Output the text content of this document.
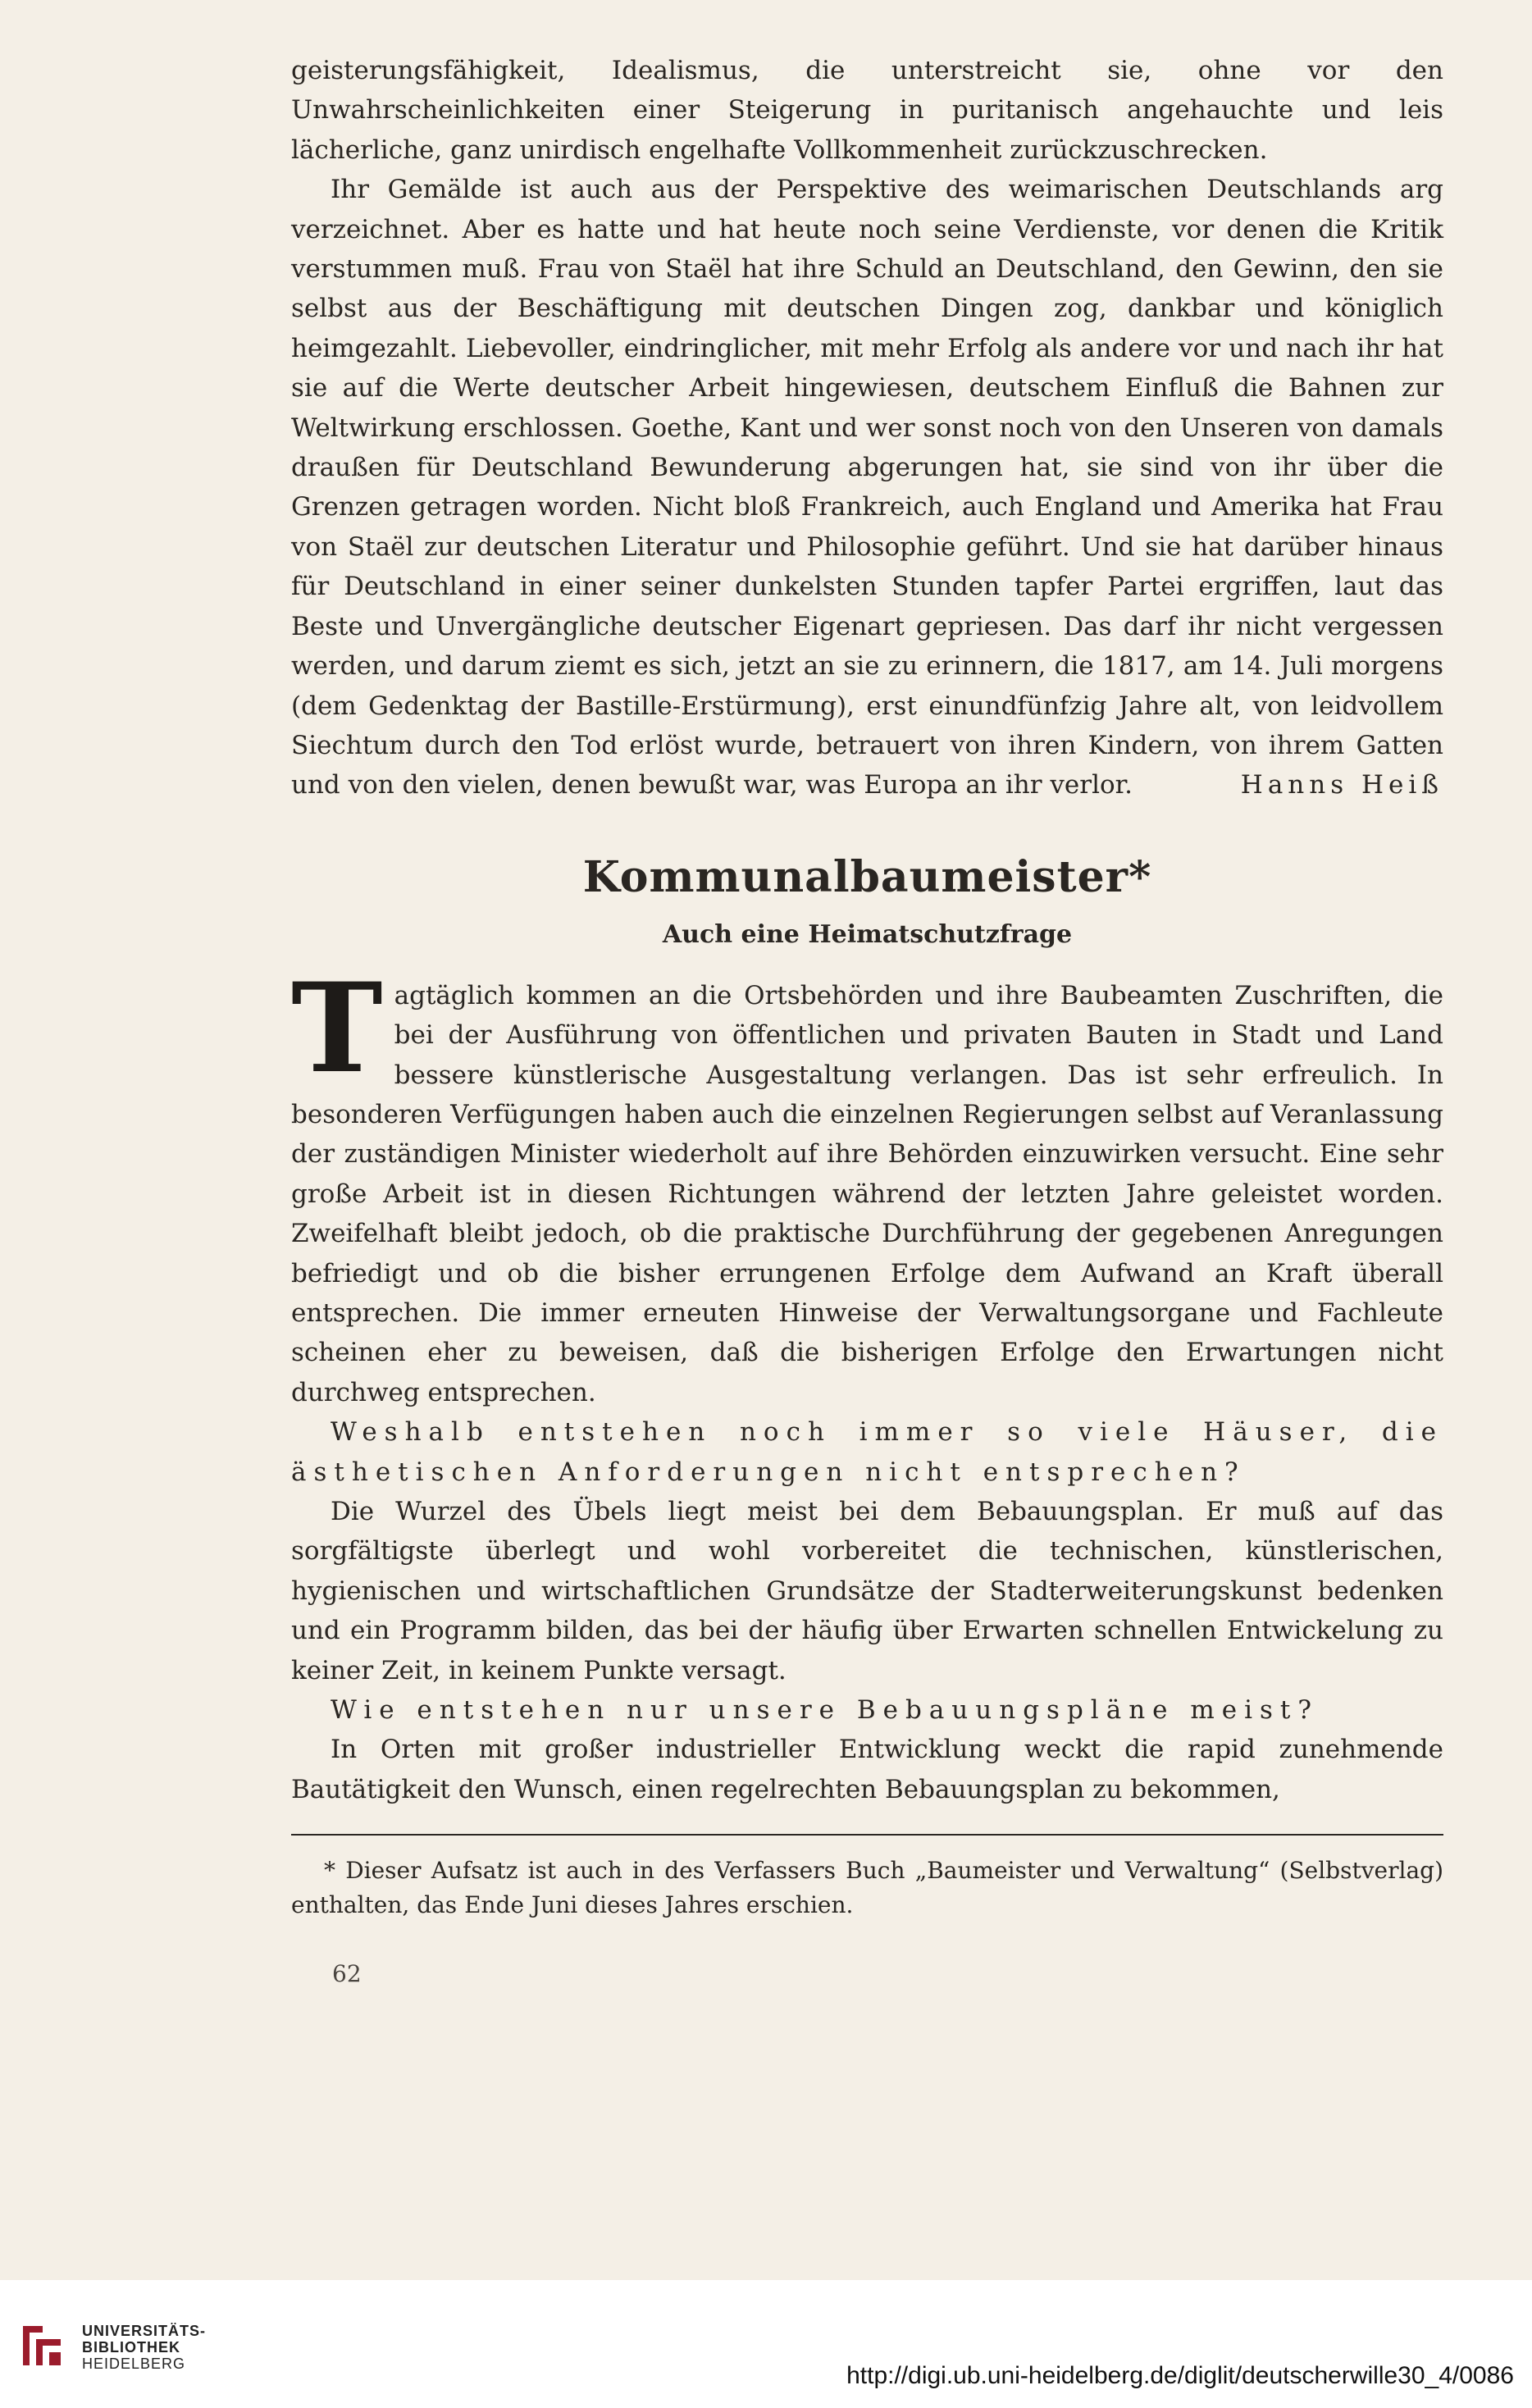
geisterungsfähigkeit, Idealismus, die unterstreicht sie, ohne vor den Unwahrscheinlichkeiten einer Steigerung in puritanisch angehauchte und leis lächerliche, ganz unirdisch engelhafte Vollkommenheit zurückzuschrecken.

Ihr Gemälde ist auch aus der Perspektive des weimarischen Deutschlands arg verzeichnet. Aber es hatte und hat heute noch seine Verdienste, vor denen die Kritik verstummen muß. Frau von Staël hat ihre Schuld an Deutschland, den Gewinn, den sie selbst aus der Beschäftigung mit deutschen Dingen zog, dankbar und königlich heimgezahlt. Liebevoller, eindringlicher, mit mehr Erfolg als andere vor und nach ihr hat sie auf die Werte deutscher Arbeit hingewiesen, deutschem Einfluß die Bahnen zur Weltwirkung erschlossen. Goethe, Kant und wer sonst noch von den Unseren von damals draußen für Deutschland Bewunderung abgerungen hat, sie sind von ihr über die Grenzen getragen worden. Nicht bloß Frankreich, auch England und Amerika hat Frau von Staël zur deutschen Literatur und Philosophie geführt. Und sie hat darüber hinaus für Deutschland in einer seiner dunkelsten Stunden tapfer Partei ergriffen, laut das Beste und Unvergängliche deutscher Eigenart gepriesen. Das darf ihr nicht vergessen werden, und darum ziemt es sich, jetzt an sie zu erinnern, die 1817, am 14. Juli morgens (dem Gedenktag der Bastille-Erstürmung), erst einundfünfzig Jahre alt, von leidvollem Siechtum durch den Tod erlöst wurde, betrauert von ihren Kindern, von ihrem Gatten und von den vielen, denen bewußt war, was Europa an ihr verlor.	Hanns Heiß

Kommunalbaumeister*
Auch eine Heimatschutzfrage

Tagtäglich kommen an die Ortsbehörden und ihre Baubeamten Zuschriften, die bei der Ausführung von öffentlichen und privaten Bauten in Stadt und Land bessere künstlerische Ausgestaltung verlangen. Das ist sehr erfreulich. In besonderen Verfügungen haben auch die einzelnen Regierungen selbst auf Veranlassung der zuständigen Minister wiederholt auf ihre Behörden einzuwirken versucht. Eine sehr große Arbeit ist in diesen Richtungen während der letzten Jahre geleistet worden. Zweifelhaft bleibt jedoch, ob die praktische Durchführung der gegebenen Anregungen befriedigt und ob die bisher errungenen Erfolge dem Aufwand an Kraft überall entsprechen. Die immer erneuten Hinweise der Verwaltungsorgane und Fachleute scheinen eher zu beweisen, daß die bisherigen Erfolge den Erwartungen nicht durchweg entsprechen.

Weshalb entstehen noch immer so viele Häuser, die ästhetischen Anforderungen nicht entsprechen?

Die Wurzel des Übels liegt meist bei dem Bebauungsplan. Er muß auf das sorgfältigste überlegt und wohl vorbereitet die technischen, künstlerischen, hygienischen und wirtschaftlichen Grundsätze der Stadterweiterungskunst bedenken und ein Programm bilden, das bei der häufig über Erwarten schnellen Entwickelung zu keiner Zeit, in keinem Punkte versagt.

Wie entstehen nur unsere Bebauungspläne meist?

In Orten mit großer industrieller Entwicklung weckt die rapid zunehmende Bautätigkeit den Wunsch, einen regelrechten Bebauungsplan zu bekommen,

* Dieser Aufsatz ist auch in des Verfassers Buch „Baumeister und Verwaltung“ (Selbstverlag) enthalten, das Ende Juni dieses Jahres erschien.

62
UNIVERSITÄTS-
BIBLIOTHEK
HEIDELBERG	http://digi.ub.uni-heidelberg.de/diglit/deutscherwille30_4/0086
